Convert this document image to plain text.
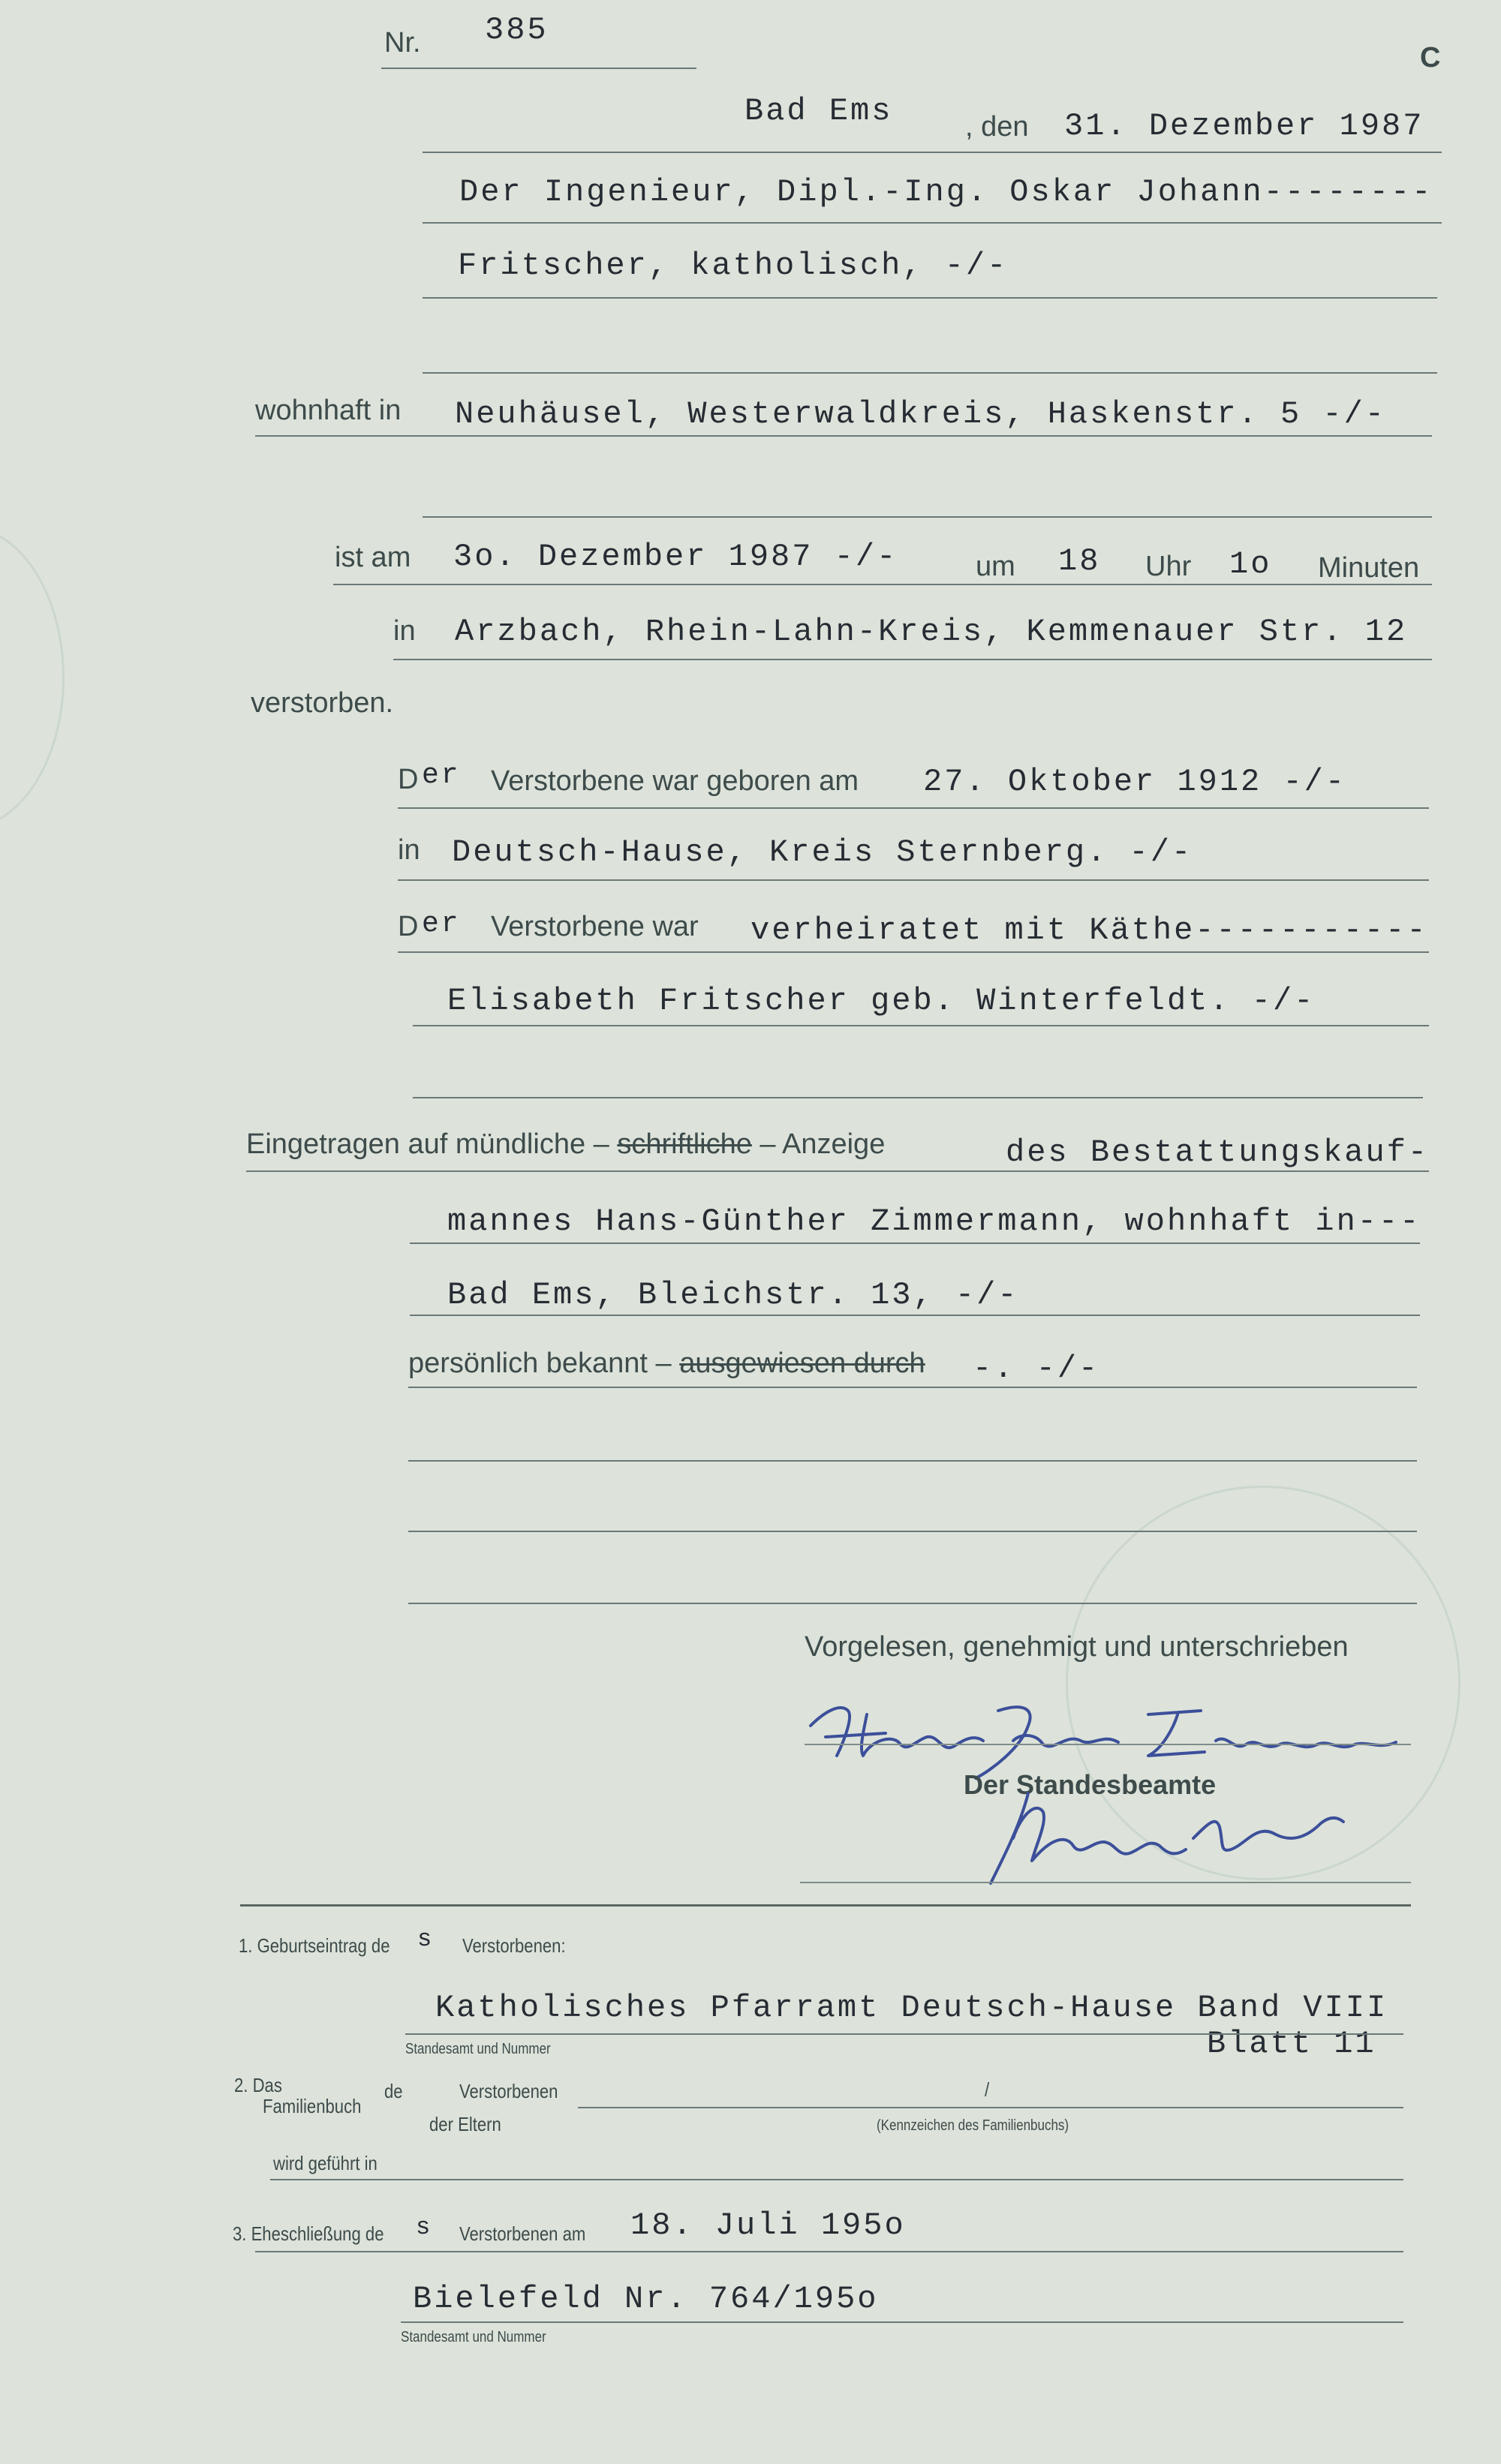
Nr. 385
C
Bad Ems	, den 31. Dezember 1987
Der Ingenieur, Dipl.-Ing. Oskar Johann--------
Fritscher, katholisch, -/-
wohnhaft in Neuhäusel, Westerwaldkreis, Haskenstr. 5 -/-
ist am 3o. Dezember 1987 -/-	um 18 Uhr 1o Minuten
in Arzbach, Rhein-Lahn-Kreis, Kemmenauer Str. 12
verstorben.
D er Verstorbene war geboren am 27. Oktober 1912 -/-
in Deutsch-Hause, Kreis Sternberg. -/-
D er Verstorbene war verheiratet mit Käthe-----------
Elisabeth Fritscher geb. Winterfeldt. -/-
Eingetragen auf mündliche – schriftliche – Anzeige	des Bestattungskauf-
mannes Hans-Günther Zimmermann, wohnhaft in---
Bad Ems, Bleichstr. 13, -/-
persönlich bekannt – ausgewiesen durch -. -/-
Vorgelesen, genehmigt und unterschrieben
Der Standesbeamte
1. Geburtseintrag de s Verstorbenen:
Katholisches Pfarramt Deutsch-Hause Band VIII
Blatt 11
Standesamt und Nummer
2. Das
Familienbuch
de	Verstorbenen	/
der Eltern	(Kennzeichen des Familienbuchs)
wird geführt in
3. Eheschließung de s Verstorbenen am 18. Juli 195o
Bielefeld Nr. 764/195o
Standesamt und Nummer
